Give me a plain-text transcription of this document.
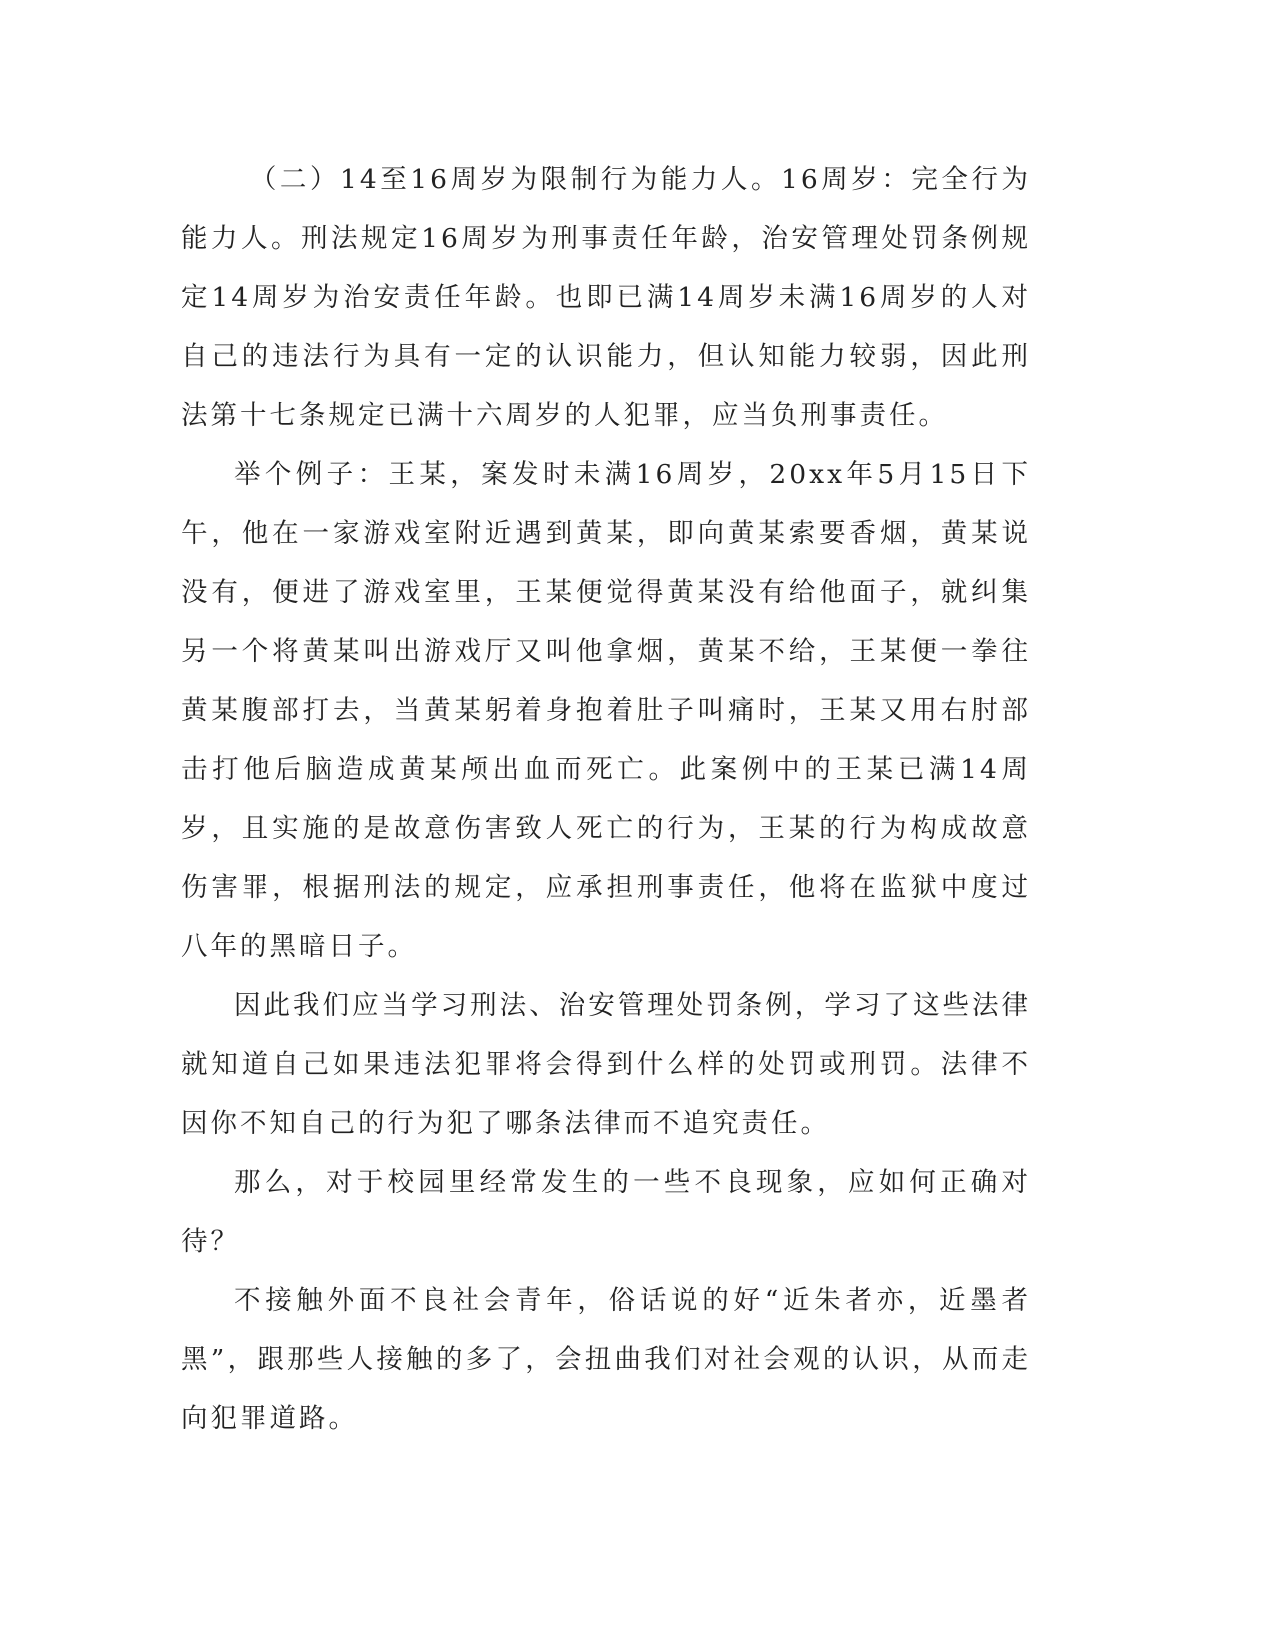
（二）14至16周岁为限制行为能力人。16周岁：完全行为能力人。刑法规定16周岁为刑事责任年龄，治安管理处罚条例规定14周岁为治安责任年龄。也即已满14周岁未满16周岁的人对自己的违法行为具有一定的认识能力，但认知能力较弱，因此刑法第十七条规定已满十六周岁的人犯罪，应当负刑事责任。

举个例子：王某，案发时未满16周岁，20xx年5月15日下午，他在一家游戏室附近遇到黄某，即向黄某索要香烟，黄某说没有，便进了游戏室里，王某便觉得黄某没有给他面子，就纠集另一个将黄某叫出游戏厅又叫他拿烟，黄某不给，王某便一拳往黄某腹部打去，当黄某躬着身抱着肚子叫痛时，王某又用右肘部击打他后脑造成黄某颅出血而死亡。此案例中的王某已满14周岁，且实施的是故意伤害致人死亡的行为，王某的行为构成故意伤害罪，根据刑法的规定，应承担刑事责任，他将在监狱中度过八年的黑暗日子。

因此我们应当学习刑法、治安管理处罚条例，学习了这些法律就知道自己如果违法犯罪将会得到什么样的处罚或刑罚。法律不因你不知自己的行为犯了哪条法律而不追究责任。

那么，对于校园里经常发生的一些不良现象，应如何正确对待？

不接触外面不良社会青年，俗话说的好“近朱者亦，近墨者黑”，跟那些人接触的多了，会扭曲我们对社会观的认识，从而走向犯罪道路。
